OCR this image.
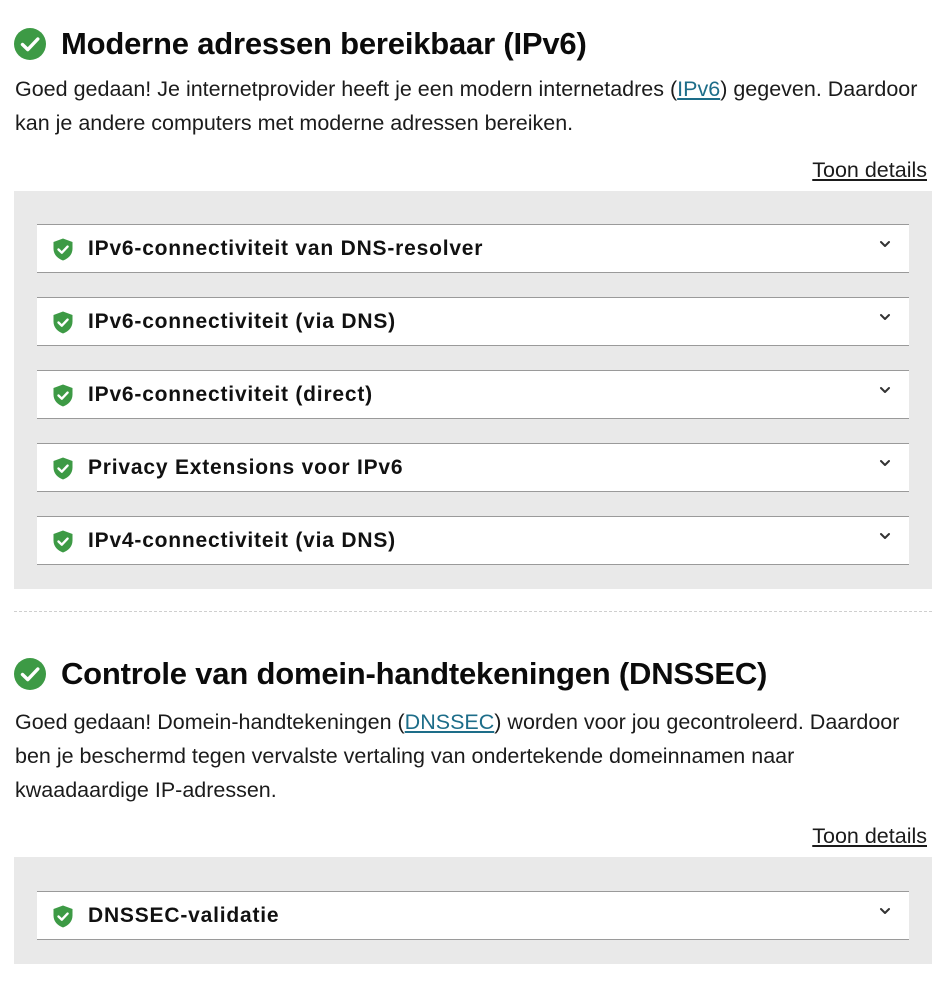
Moderne adressen bereikbaar (IPv6)

Goed gedaan! Je internetprovider heeft je een modern internetadres (IPv6) gegeven. Daardoor kan je andere computers met moderne adressen bereiken.

Toon details
IPv6-connectiviteit van DNS-resolver
IPv6-connectiviteit (via DNS)
IPv6-connectiviteit (direct)
Privacy Extensions voor IPv6
IPv4-connectiviteit (via DNS)
Controle van domein-handtekeningen (DNSSEC)

Goed gedaan! Domein-handtekeningen (DNSSEC) worden voor jou gecontroleerd. Daardoor ben je beschermd tegen vervalste vertaling van ondertekende domeinnamen naar kwaadaardige IP-adressen.

Toon details
DNSSEC-validatie
